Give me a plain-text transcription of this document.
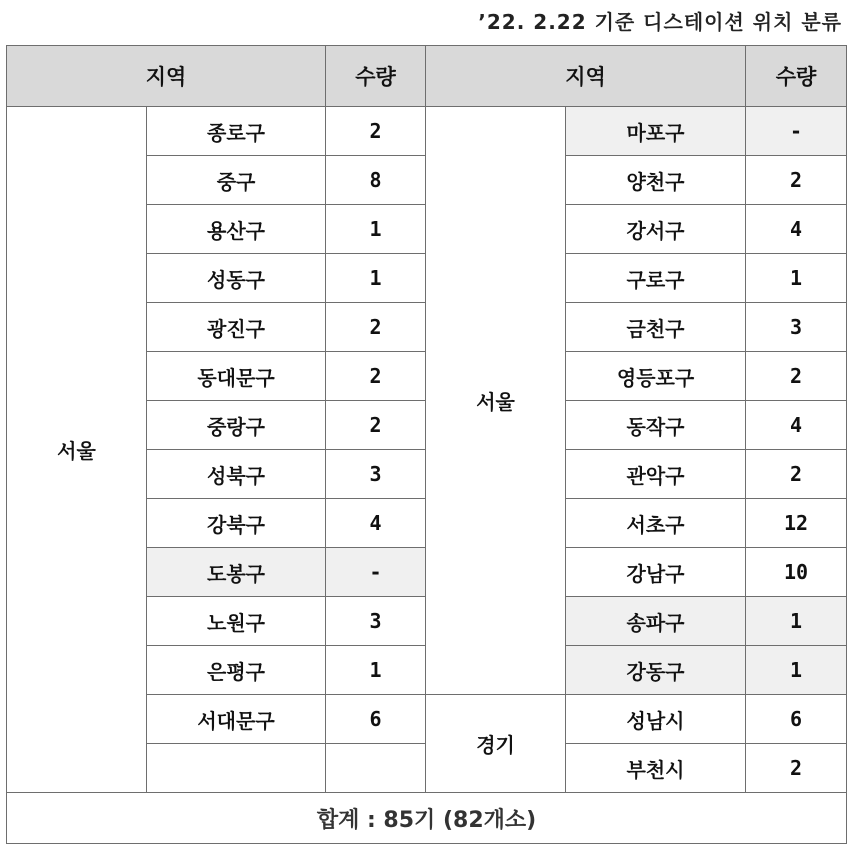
’22. 2.22 기준 디스테이션 위치 분류
지역		수량	지역		수량
서울	종로구	2	서울	마포구	-
	중구	8		양천구	2
	용산구	1		강서구	4
	성동구	1		구로구	1
	광진구	2		금천구	3
	동대문구	2		영등포구	2
	중랑구	2		동작구	4
	성북구	3		관악구	2
	강북구	4		서초구	12
	도봉구	-		강남구	10
	노원구	3		송파구	1
	은평구	1		강동구	1
	서대문구	6	경기	성남시	6
				부천시	2
합계 : 85기 (82개소)					
